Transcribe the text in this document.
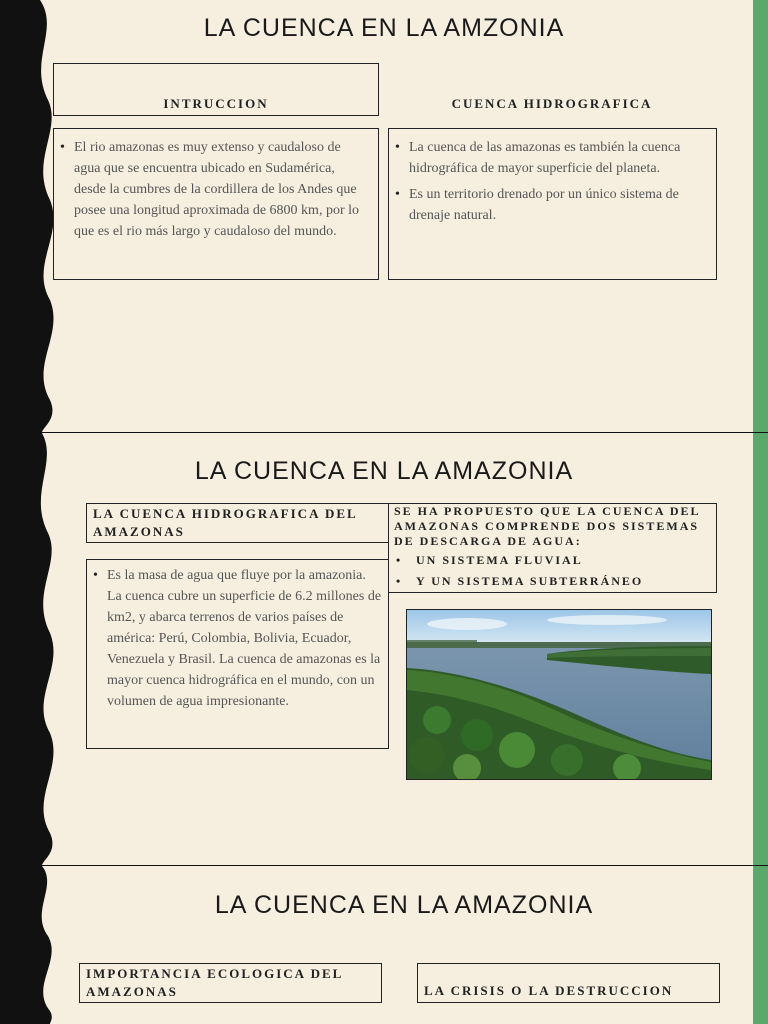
LA CUENCA EN LA AMZONIA
INTRUCCION	CUENCA HIDROGRAFICA
• El rio amazonas es muy extenso y caudaloso de agua que se encuentra ubicado en Sudamérica, desde la cumbres de la cordillera de los Andes que posee una longitud aproximada de 6800 km, por lo que es el rio más largo y caudaloso del mundo.
• La cuenca de las amazonas es también la cuenca hidrográfica de mayor superficie del planeta.
• Es un territorio drenado por un único sistema de drenaje natural.
LA CUENCA EN LA AMAZONIA
LA CUENCA HIDROGRAFICA DEL AMAZONAS
SE HA PROPUESTO QUE LA CUENCA DEL AMAZONAS COMPRENDE DOS SISTEMAS DE DESCARGA DE AGUA:
• UN SISTEMA FLUVIAL
• Y UN SISTEMA SUBTERRÁNEO
• Es la masa de agua que fluye por la amazonia. La cuenca cubre un superficie de 6.2 millones de km2, y abarca terrenos de varios países de américa: Perú, Colombia, Bolivia, Ecuador, Venezuela y Brasil. La cuenca de amazonas es la mayor cuenca hidrográfica en el mundo, con un volumen de agua impresionante.
LA CUENCA EN LA AMAZONIA
IMPORTANCIA ECOLOGICA DEL AMAZONAS	LA CRISIS O LA DESTRUCCION
